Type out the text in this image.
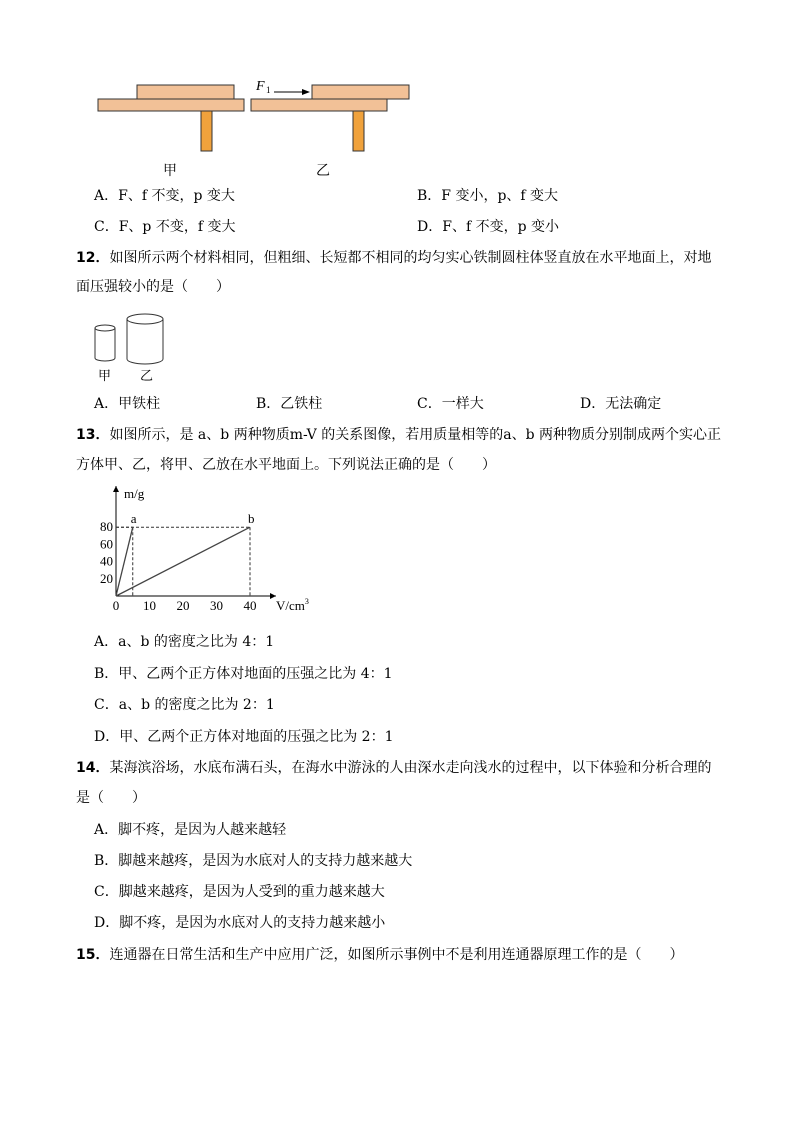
F 1
甲	乙
A．F、f 不变，p 变大	B．F 变小，p、f 变大
C．F、p 不变，f 变大	D．F、f 不变，p 变小
12．如图所示两个材料相同，但粗细、长短都不相同的均匀实心铁制圆柱体竖直放在水平地面上，对地
面压强较小的是（　　）
甲 乙
A．甲铁柱	B．乙铁柱	C．一样大	D．无法确定
13．如图所示，是 a、b 两种物质m-V 的关系图像，若用质量相等的a、b 两种物质分别制成两个实心正
方体甲、乙，将甲、乙放在水平地面上。下列说法正确的是（　　）
m/g
$V/cm^3$
0 10 20 30 40
20
40
60
80
a	b
A．a、b 的密度之比为 4：1
B．甲、乙两个正方体对地面的压强之比为 4：1
C．a、b 的密度之比为 2：1
D．甲、乙两个正方体对地面的压强之比为 2：1
14．某海滨浴场，水底布满石头，在海水中游泳的人由深水走向浅水的过程中，以下体验和分析合理的
是（　　）
A．脚不疼，是因为人越来越轻
B．脚越来越疼，是因为水底对人的支持力越来越大
C．脚越来越疼，是因为人受到的重力越来越大
D．脚不疼，是因为水底对人的支持力越来越小
15．连通器在日常生活和生产中应用广泛，如图所示事例中不是利用连通器原理工作的是（　　）
